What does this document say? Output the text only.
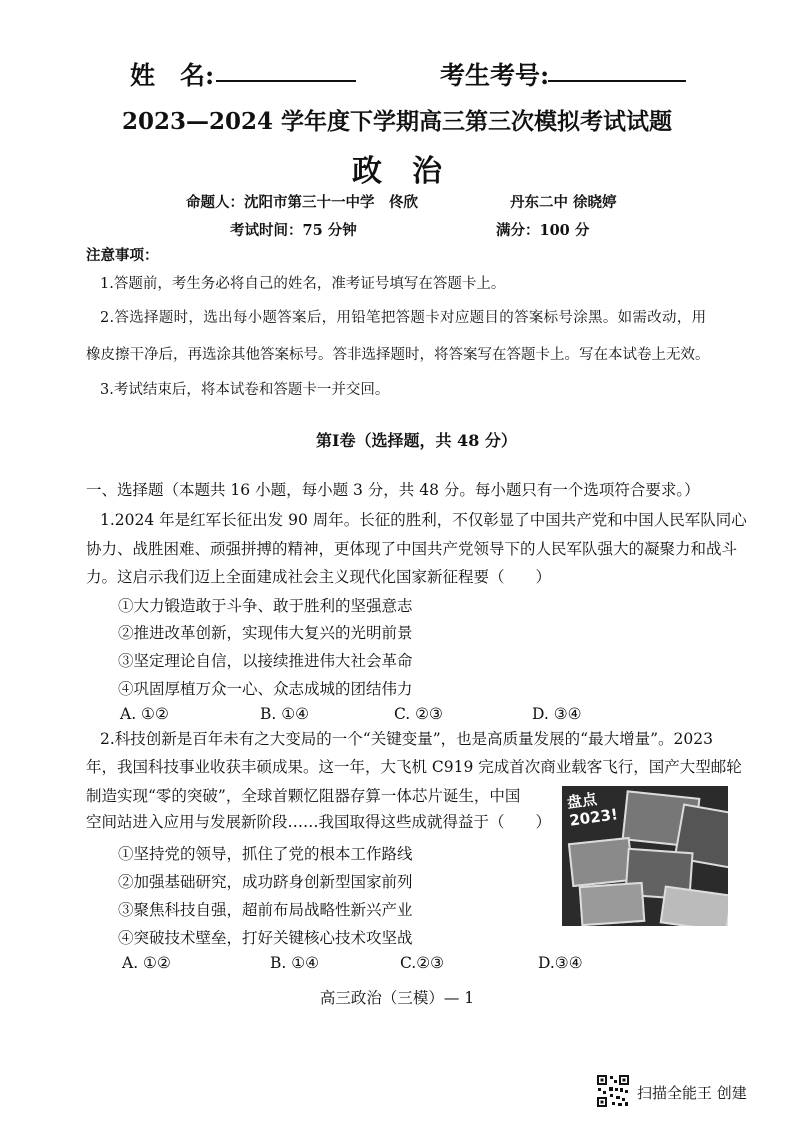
姓　名:	考生考号:
2023—2024 学年度下学期高三第三次模拟考试试题
政　治
命题人：沈阳市第三十一中学　佟欣	丹东二中 徐晓婷
考试时间：75 分钟	满分：100 分
注意事项：
1.答题前，考生务必将自己的姓名，准考证号填写在答题卡上。
2.答选择题时，选出每小题答案后，用铅笔把答题卡对应题目的答案标号涂黑。如需改动，用
橡皮擦干净后，再选涂其他答案标号。答非选择题时，将答案写在答题卡上。写在本试卷上无效。
3.考试结束后，将本试卷和答题卡一并交回。
第Ⅰ卷（选择题，共 48 分）
一、选择题（本题共 16 小题，每小题 3 分，共 48 分。每小题只有一个选项符合要求。）
1.2024 年是红军长征出发 90 周年。长征的胜利，不仅彰显了中国共产党和中国人民军队同心
协力、战胜困难、顽强拼搏的精神，更体现了中国共产党领导下的人民军队强大的凝聚力和战斗
力。这启示我们迈上全面建成社会主义现代化国家新征程要（　　）
①大力锻造敢于斗争、敢于胜利的坚强意志
②推进改革创新，实现伟大复兴的光明前景
③坚定理论自信，以接续推进伟大社会革命
④巩固厚植万众一心、众志成城的团结伟力
A. ①②	B. ①④	C. ②③	D. ③④
2.科技创新是百年未有之大变局的一个“关键变量”，也是高质量发展的“最大增量”。2023
年，我国科技事业收获丰硕成果。这一年，大飞机 C919 完成首次商业载客飞行，国产大型邮轮
制造实现“零的突破”，全球首颗忆阻器存算一体芯片诞生，中国
空间站进入应用与发展新阶段……我国取得这些成就得益于（　　）
盘点 2023!
①坚持党的领导，抓住了党的根本工作路线
②加强基础研究，成功跻身创新型国家前列
③聚焦科技自强，超前布局战略性新兴产业
④突破技术壁垒，打好关键核心技术攻坚战
A. ①②	B. ①④	C.②③	D.③④
高三政治（三模）— 1
扫描全能王 创建
